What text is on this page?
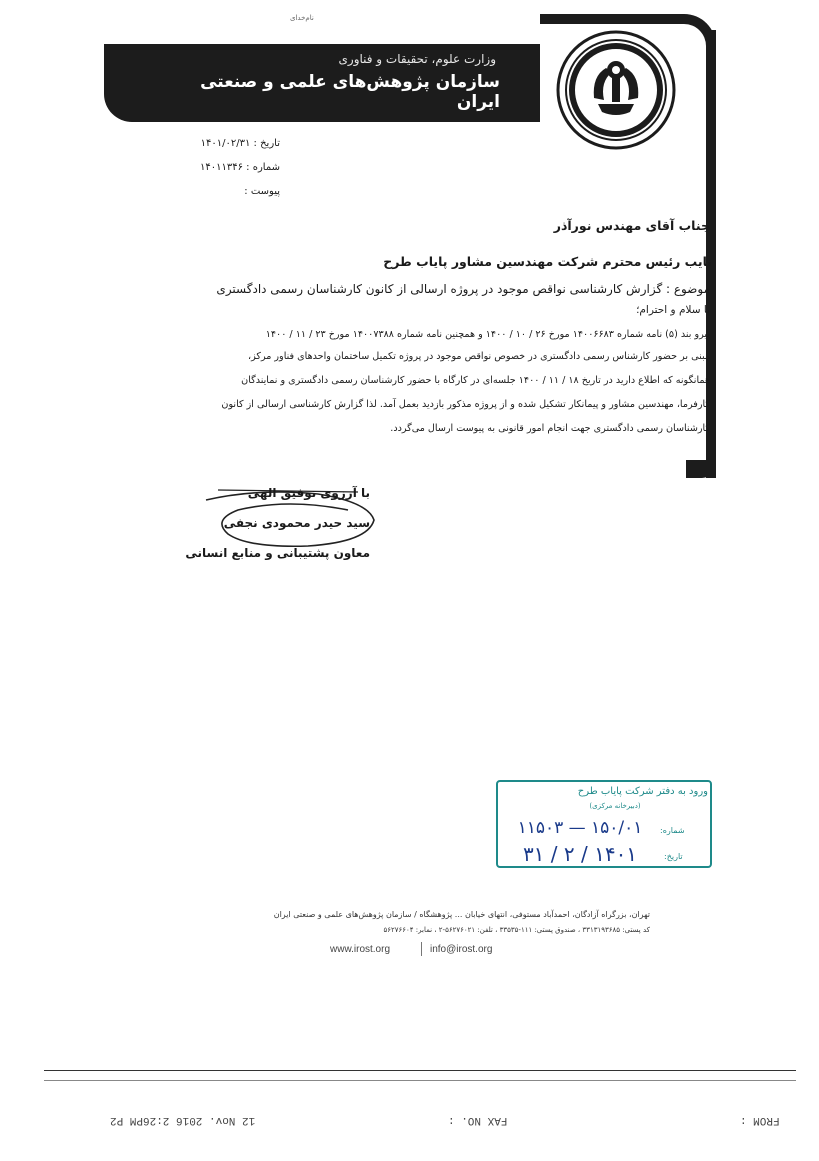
نام‌خدای
وزارت علوم، تحقیقات و فناوری
سازمان پژوهش‌های علمی و صنعتی ایران
تاریخ : ۱۴۰۱/۰۲/۳۱
شماره : ۱۴۰۱۱۳۴۶
پیوست :
جناب آقای مهندس نورآذر
نایب رئیس محترم شرکت مهندسین مشاور پایاب طرح
موضوع : گزارش کارشناسی نواقص موجود در پروژه ارسالی از کانون کارشناسان رسمی دادگستری
با سلام و احترام؛
پیرو بند (۵) نامه شماره ۱۴۰۰۶۶۸۳ مورخ ۲۶ / ۱۰ / ۱۴۰۰ و همچنین نامه شماره ۱۴۰۰۷۳۸۸ مورخ ۲۳ / ۱۱ / ۱۴۰۰
مبنی بر حضور کارشناس رسمی دادگستری در خصوص نواقص موجود در پروژه تکمیل ساختمان واحدهای فناور مرکز،
همانگونه که اطلاع دارید در تاریخ ۱۸ / ۱۱ / ۱۴۰۰ جلسه‌ای در کارگاه با حضور کارشناسان رسمی دادگستری و نمایندگان
کارفرما، مهندسین مشاور و پیمانکار تشکیل شده و از پروژه مذکور بازدید بعمل آمد. لذا گزارش کارشناسی ارسالی از کانون
کارشناسان رسمی دادگستری جهت انجام امور قانونی به پیوست ارسال می‌گردد.
با آرزوی توفیق الهی
سید حیدر محمودی نجفی
معاون پشتیبانی و منابع انسانی
ورود به دفتر شرکت پایاب طرح
(دبیرخانه مرکزی)
شماره:
۱۵۰/۰۱ — ۱۱۵۰۳
تاریخ:
۱۴۰۱ / ۲ / ۳۱
تهران، بزرگراه آزادگان، احمدآباد مستوفی، انتهای خیابان ... پژوهشگاه / سازمان پژوهش‌های علمی و صنعتی ایران
کد پستی: ۳۳۱۳۱۹۳۶۸۵ ، صندوق پستی: ۱۱۱-۳۳۵۳۵ ، تلفن: ۵۶۲۷۶۰۲۱-۲ ، نمابر: ۵۶۲۷۶۶۰۴
www.irost.org	info@irost.org
FROM :
FAX NO. :
12 Nov. 2016 2:26PM P2
